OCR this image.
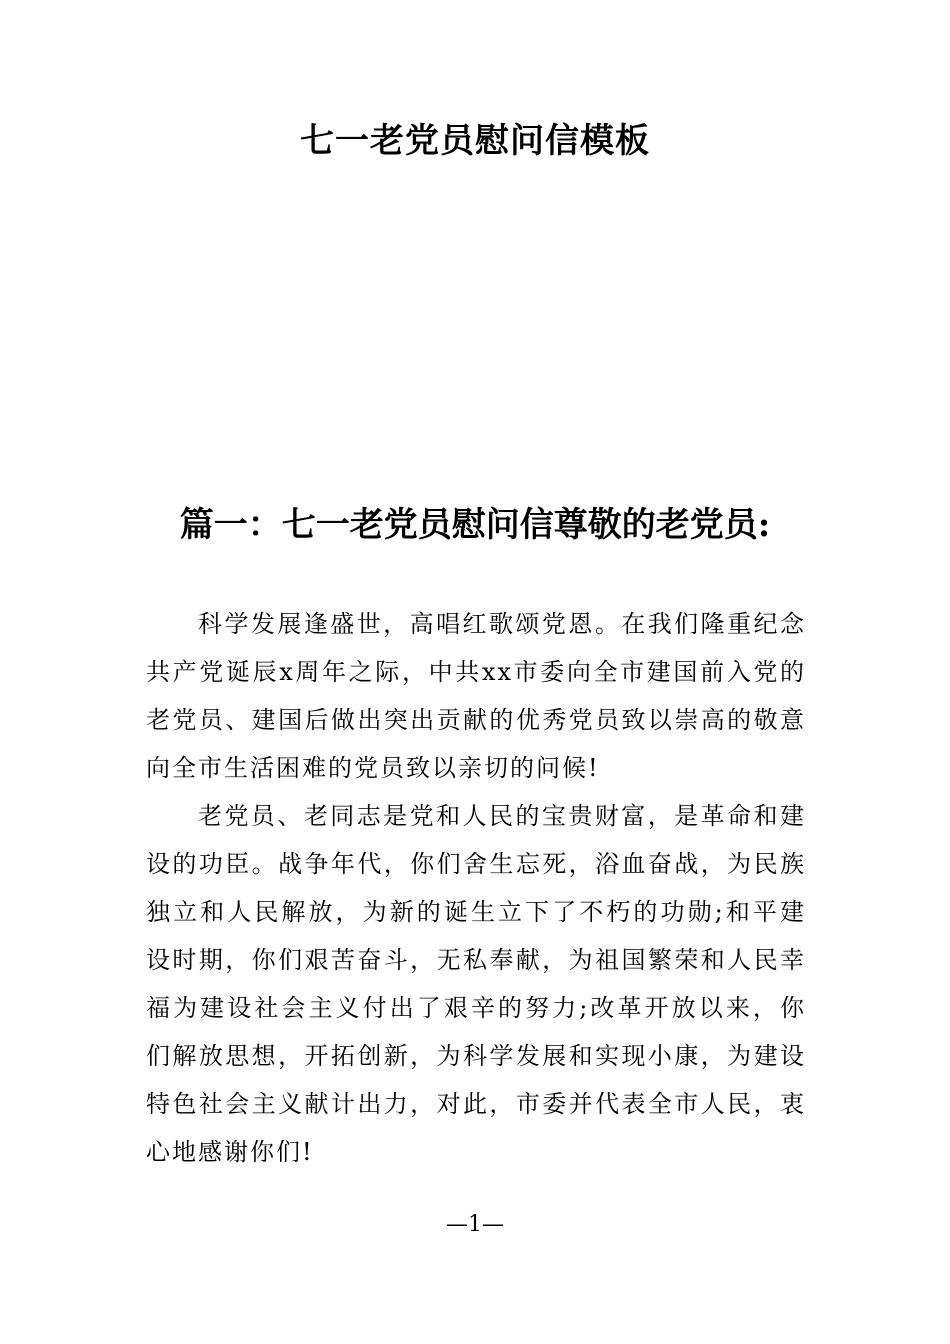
七一老党员慰问信模板
篇一：七一老党员慰问信尊敬的老党员:

科学发展逢盛世，高唱红歌颂党恩。在我们隆重纪念共产党诞辰x周年之际，中共xx市委向全市建国前入党的老党员、建国后做出突出贡献的优秀党员致以崇高的敬意向全市生活困难的党员致以亲切的问候!

老党员、老同志是党和人民的宝贵财富，是革命和建设的功臣。战争年代，你们舍生忘死，浴血奋战，为民族独立和人民解放，为新的诞生立下了不朽的功勋;和平建设时期，你们艰苦奋斗，无私奉献，为祖国繁荣和人民幸福为建设社会主义付出了艰辛的努力;改革开放以来，你们解放思想，开拓创新，为科学发展和实现小康，为建设特色社会主义献计出力，对此，市委并代表全市人民，衷心地感谢你们!

—1—
